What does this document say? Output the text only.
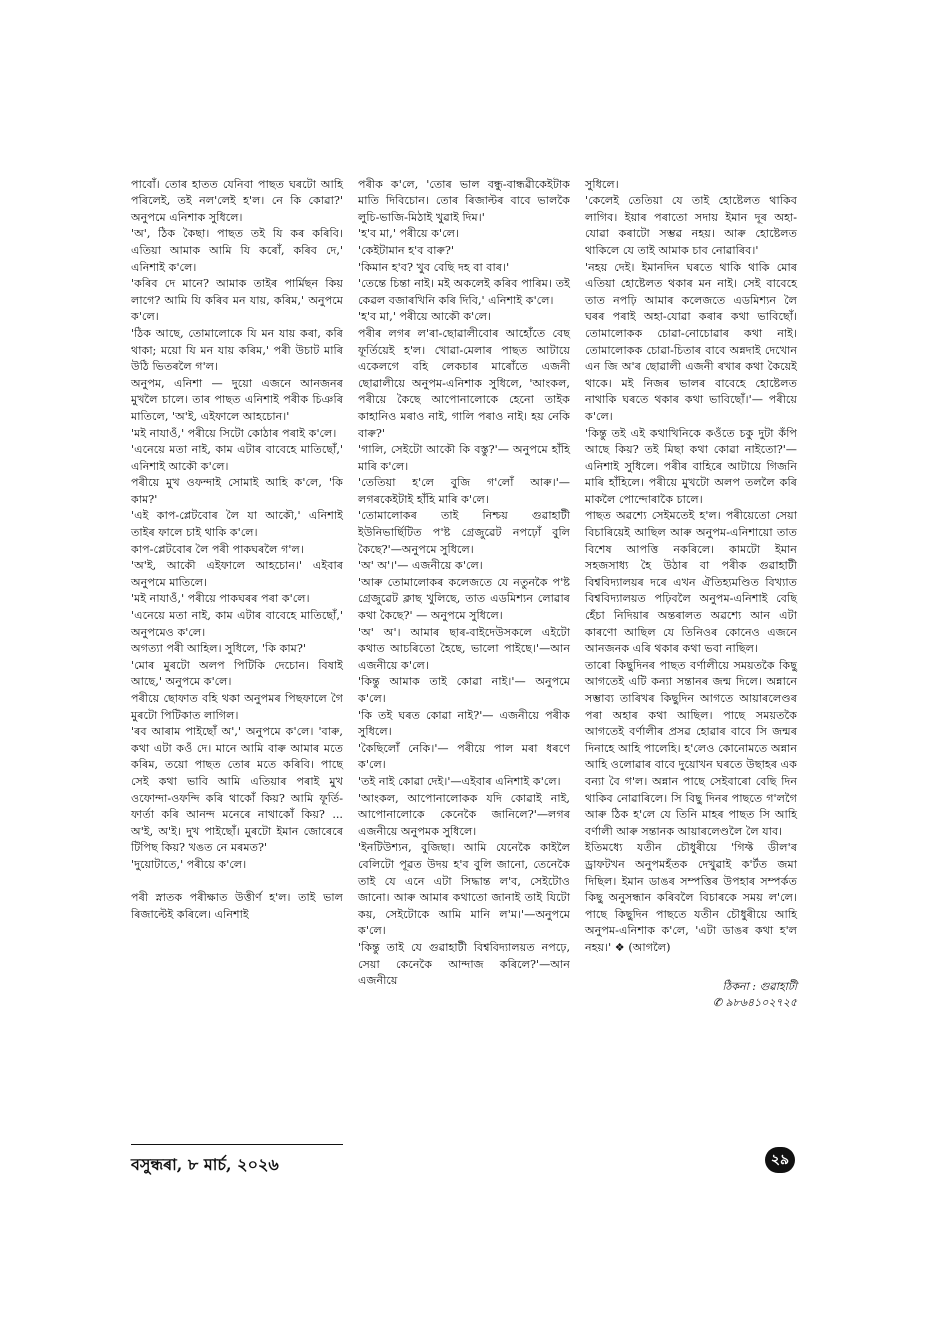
পাবোঁ। তোৰ হাতত যেনিবা পাছত ঘৰটো আহি পৰিলেই, তই নল'লেই হ'ল। নে কি কোৱা?' অনুপমে এনিশাক সুধিলে।
'অ', ঠিক কৈছা। পাছত তই যি কৰ কৰিবি। এতিয়া আমাক আমি যি কৰোঁ, কৰিব দে,' এনিশাই ক'লে।
'কৰিব দে মানে? আমাক তাইৰ পাৰ্মিছন কিয় লাগে? আমি যি কৰিব মন যায়, কৰিম,' অনুপমে ক'লে।
'ঠিক আছে, তোমালোকে যি মন যায় কৰা, কৰি থাকা; ময়ো যি মন যায় কৰিম,' পৰী উচাট মাৰি উঠি ভিতৰলৈ গ'ল।
অনুপম, এনিশা — দুয়ো এজনে আনজনৰ মুখলৈ চালে। তাৰ পাছত এনিশাই পৰীক চিঞৰি মাতিলে, 'অ'ই, এইফালে আহচোন।'
'মই নাযাওঁ,' পৰীয়ে সিটো কোঠাৰ পৰাই ক'লে।
'এনেয়ে মতা নাই, কাম এটাৰ বাবেহে মাতিছোঁ,' এনিশাই আকৌ ক'লে।
পৰীয়ে মুখ ওফন্দাই সোমাই আহি ক'লে, 'কি কাম?'
'এই কাপ-প্লেটবোৰ লৈ যা আকৌ,' এনিশাই তাইৰ ফালে চাই থাকি ক'লে।
কাপ-প্লেটবোৰ লৈ পৰী পাকঘৰলৈ গ'ল।
'অ'ই, আকৌ এইফালে আহচোন।' এইবাৰ অনুপমে মাতিলে।
'মই নাযাওঁ,' পৰীয়ে পাকঘৰৰ পৰা ক'লে।
'এনেয়ে মতা নাই, কাম এটাৰ বাবেহে মাতিছোঁ,' অনুপমেও ক'লে।
অগত্যা পৰী আহিল। সুধিলে, 'কি কাম?'
'মোৰ মুৰটো অলপ পিটিকি দেচোন। বিষাই আছে,' অনুপমে ক'লে।
পৰীয়ে ছোফাত বহি থকা অনুপমৰ পিছফালে গৈ মুৰটো পিটিকাত লাগিল।
'ৰব আৰাম পাইছোঁ অ',' অনুপমে ক'লে। 'বাৰু, কথা এটা কওঁ দে। মানে আমি বাৰু আমাৰ মতে কৰিম, তয়ো পাছত তোৰ মতে কৰিবি। পাছে সেই কথা ভাবি আমি এতিয়াৰ পৰাই মুখ ওফোন্দা-ওফন্দি কৰি থাকোঁ কিয়? আমি ফূৰ্তি-ফাৰ্তা কৰি আনন্দ মনেৰে নাথাকোঁ কিয়? ... অ'ই, অ'ই। দুখ পাইছোঁ। মুৰটো ইমান জোৰেৰে টিপিছ কিয়? খঙত নে মৰমত?'
'দুয়োটাতে,' পৰীয়ে ক'লে।

পৰী স্নাতক পৰীক্ষাত উত্তীৰ্ণ হ'ল। তাই ভাল ৰিজাল্টেই কৰিলে। এনিশাই

পৰীক ক'লে, 'তোৰ ভাল বন্ধু-বান্ধৱীকেইটাক মাতি দিবিচোন। তোৰ ৰিজাল্টৰ বাবে ভালকৈ লুচি-ভাজি-মিঠাই খুৱাই দিম।'
'হ'ব মা,' পৰীয়ে ক'লে।
'কেইটামান হ'ব বাৰু?'
'কিমান হ'ব? খুব বেছি দহ বা বাৰ।'
'তেন্তে চিন্তা নাই। মই অকলেই কৰিব পাৰিম। তই কেৱল বজাৰখিনি কৰি দিবি,' এনিশাই ক'লে।
'হ'ব মা,' পৰীয়ে আকৌ ক'লে।
পৰীৰ লগৰ ল'ৰা-ছোৱালীবোৰ আহোঁতে বেছ ফূৰ্তিয়েই হ'ল। খোৱা-মেলাৰ পাছত আটায়ে একেলগে বহি লেকচাৰ মাৰোঁতে এজনী ছোৱালীয়ে অনুপম-এনিশাক সুধিলে, 'আংকল, পৰীয়ে কৈছে আপোনালোকে হেনো তাইক কাহানিও মৰাও নাই, গালি পৰাও নাই। হয় নেকি বাৰু?'
'গালি, সেইটো আকৌ কি বস্তু?'— অনুপমে হাঁহি মাৰি ক'লে।
'তেতিয়া হ'লে বুজি গ'লোঁ আৰু।'— লগৰকেইটাই হাঁহি মাৰি ক'লে।
'তোমালোকৰ তাই নিশ্চয় গুৱাহাটী ইউনিভাৰ্ছিটিত প'ষ্ট গ্ৰেজুৱেট নপঢ়োঁ বুলি কৈছে?'—অনুপমে সুধিলে।
'অ' অ'।'— এজনীয়ে ক'লে।
'আৰু তোমালোকৰ কলেজতে যে নতুনকৈ প'ষ্ট গ্ৰেজুৱেট ক্লাছ খুলিছে, তাত এডমিশ্যন লোৱাৰ কথা কৈছে?' — অনুপমে সুধিলে।
'অ' অ'। আমাৰ ছাৰ-বাইদেউসকলে এইটো কথাত আচৰিতো হৈছে, ভালো পাইছে।'—আন এজনীয়ে ক'লে।
'কিন্তু আমাক তাই কোৱা নাই।'— অনুপমে ক'লে।
'কি তই ঘৰত কোৱা নাই?'— এজনীয়ে পৰীক সুধিলে।
'কৈছিলোঁ নেকি।'— পৰীয়ে পাল মৰা ধৰণে ক'লে।
'তই নাই কোৱা দেই।'—এইবাৰ এনিশাই ক'লে।
'আংকল, আপোনালোকক যদি কোৱাই নাই, আপোনালোকে কেনেকৈ জানিলে?'—লগৰ এজনীয়ে অনুপমক সুধিলে।
'ইনটিউশ্যন, বুজিছা। আমি যেনেকৈ কাইলৈ বেলিটো পূৱত উদয় হ'ব বুলি জানো, তেনেকৈ তাই যে এনে এটা সিদ্ধান্ত ল'ব, সেইটোও জানো। আৰু আমাৰ কথাতো জানাই তাই যিটো কয়, সেইটোকে আমি মানি ল'ম।'—অনুপমে ক'লে।
'কিন্তু তাই যে গুৱাহাটী বিশ্ববিদ্যালয়ত নপঢ়ে, সেয়া কেনেকৈ আন্দাজ কৰিলে?'—আন এজনীয়ে

সুধিলে।
'কেলেই তেতিয়া যে তাই হোষ্টেলত থাকিব লাগিব। ইয়াৰ পৰাতো সদায় ইমান দূৰ অহা-যোৱা কৰাটো সম্ভৱ নহয়। আৰু হোষ্টেলত থাকিলে যে তাই আমাক চাব নোৱাৰিব।'
'নহয় দেই। ইমানদিন ঘৰতে থাকি থাকি মোৰ এতিয়া হোষ্টেলত থকাৰ মন নাই। সেই বাবেহে তাত নপঢ়ি আমাৰ কলেজতে এডমিশ্যন লৈ ঘৰৰ পৰাই অহা-যোৱা কৰাৰ কথা ভাবিছোঁ। তোমালোকক চোৱা-নোচোৱাৰ কথা নাই। তোমালোকক চোৱা-চিতাৰ বাবে অন্নদাই দেখোন এন জি অ'ৰ ছোৱালী এজনী ৰখাৰ কথা কৈয়েই থাকে। মই নিজৰ ভালৰ বাবেহে হোষ্টেলত নাথাকি ঘৰতে থকাৰ কথা ভাবিছোঁ।'— পৰীয়ে ক'লে।
'কিন্তু তই এই কথাখিনিকে কওঁতে চকু দুটা কঁপি আছে কিয়? তই মিছা কথা কোৱা নাইতো?'—এনিশাই সুধিলে। পৰীৰ বাহিৰে আটায়ে গিজনি মাৰি হাঁহিলে। পৰীয়ে মুখটো অলপ তললৈ কৰি মাকলৈ পোন্দোৰাকৈ চালে।
পাছত অৱশ্যে সেইমতেই হ'ল। পৰীয়েতো সেয়া বিচাৰিয়েই আছিল আৰু অনুপম-এনিশায়ো তাত বিশেষ আপত্তি নকৰিলে। কামটো ইমান সহজসাধ্য হৈ উঠাৰ বা পৰীক গুৱাহাটী বিশ্ববিদ্যালয়ৰ দৰে এখন ঐতিহ্যমণ্ডিত বিখ্যাত বিশ্ববিদ্যালয়ত পঢ়িবলৈ অনুপম-এনিশাই বেছি হেঁচা নিদিয়াৰ অন্তৰালত অৱশ্যে আন এটা কাৰণো আছিল যে তিনিওৰ কোনেও এজনে আনজনক এৰি থকাৰ কথা ভবা নাছিল।
তাৰো কিছুদিনৰ পাছত বৰ্ণালীয়ে সময়তকৈ কিছু আগতেই এটি কন্যা সন্তানৰ জন্ম দিলে। অন্নানে সম্ভাব্য তাৰিখৰ কিছুদিন আগতে আয়াৰলেণ্ডৰ পৰা অহাৰ কথা আছিল। পাছে সময়তকৈ আগতেই বৰ্ণালীৰ প্ৰসৱ হোৱাৰ বাবে সি জন্মৰ দিনাহে আহি পালেহি। হ'লেও কোনোমতে অন্নান আহি ওলোৱাৰ বাবে দুয়োখন ঘৰতে উছাহৰ এক বন্যা বৈ গ'ল। অন্নান পাছে সেইবাৰো বেছি দিন থাকিব নোৱাৰিলে। সি বিছু দিনৰ পাছতে গ'লগৈ আৰু ঠিক হ'লে যে তিনি মাহৰ পাছত সি আহি বৰ্ণালী আৰু সন্তানক আয়াৰলেণ্ডলৈ লৈ যাব।
ইতিমধ্যে যতীন চৌধুৰীয়ে 'গিফ্ট ডীল'ৰ ড্ৰাফটখন অনুপমহঁতক দেখুৱাই ক'ৰ্টত জমা দিছিল। ইমান ডাঙৰ সম্পত্তিৰ উপহাৰ সম্পৰ্কত কিছু অনুসন্ধান কৰিবলৈ বিচাৰকে সময় ল'লে। পাছে কিছুদিন পাছতে যতীন চৌধুৰীয়ে আহি অনুপম-এনিশাক ক'লে, 'এটা ডাঙৰ কথা হ'ল নহয়।' ❖ (আগলৈ)

ঠিকনা : গুৱাহাটী
✆ ৯৮৬৪১০২৭২৫

বসুন্ধৰা, ৮ মাৰ্চ, ২০২৬	২৯
